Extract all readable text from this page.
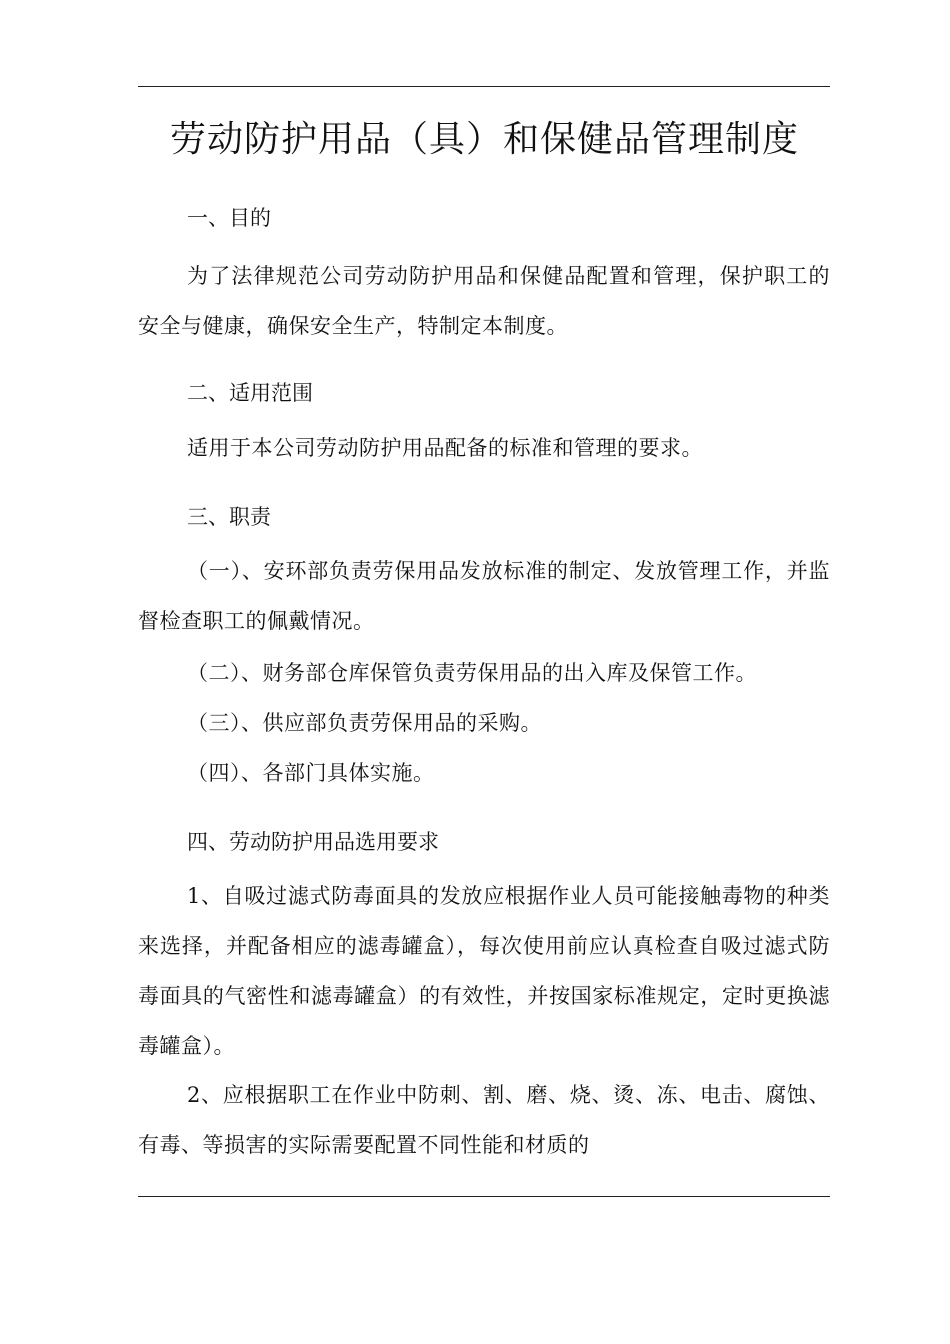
劳动防护用品（具）和保健品管理制度
一、目的

为了法律规范公司劳动防护用品和保健品配置和管理，保护职工的安全与健康，确保安全生产，特制定本制度。

二、适用范围

适用于本公司劳动防护用品配备的标准和管理的要求。

三、职责

（一）、安环部负责劳保用品发放标准的制定、发放管理工作，并监督检查职工的佩戴情况。

（二）、财务部仓库保管负责劳保用品的出入库及保管工作。

（三）、供应部负责劳保用品的采购。

（四）、各部门具体实施。

四、劳动防护用品选用要求

1、自吸过滤式防毒面具的发放应根据作业人员可能接触毒物的种类来选择，并配备相应的滤毒罐盒），每次使用前应认真检查自吸过滤式防毒面具的气密性和滤毒罐盒）的有效性，并按国家标准规定，定时更换滤毒罐盒）。

2、应根据职工在作业中防刺、割、磨、烧、烫、冻、电击、腐蚀、有毒、等损害的实际需要配置不同性能和材质的
